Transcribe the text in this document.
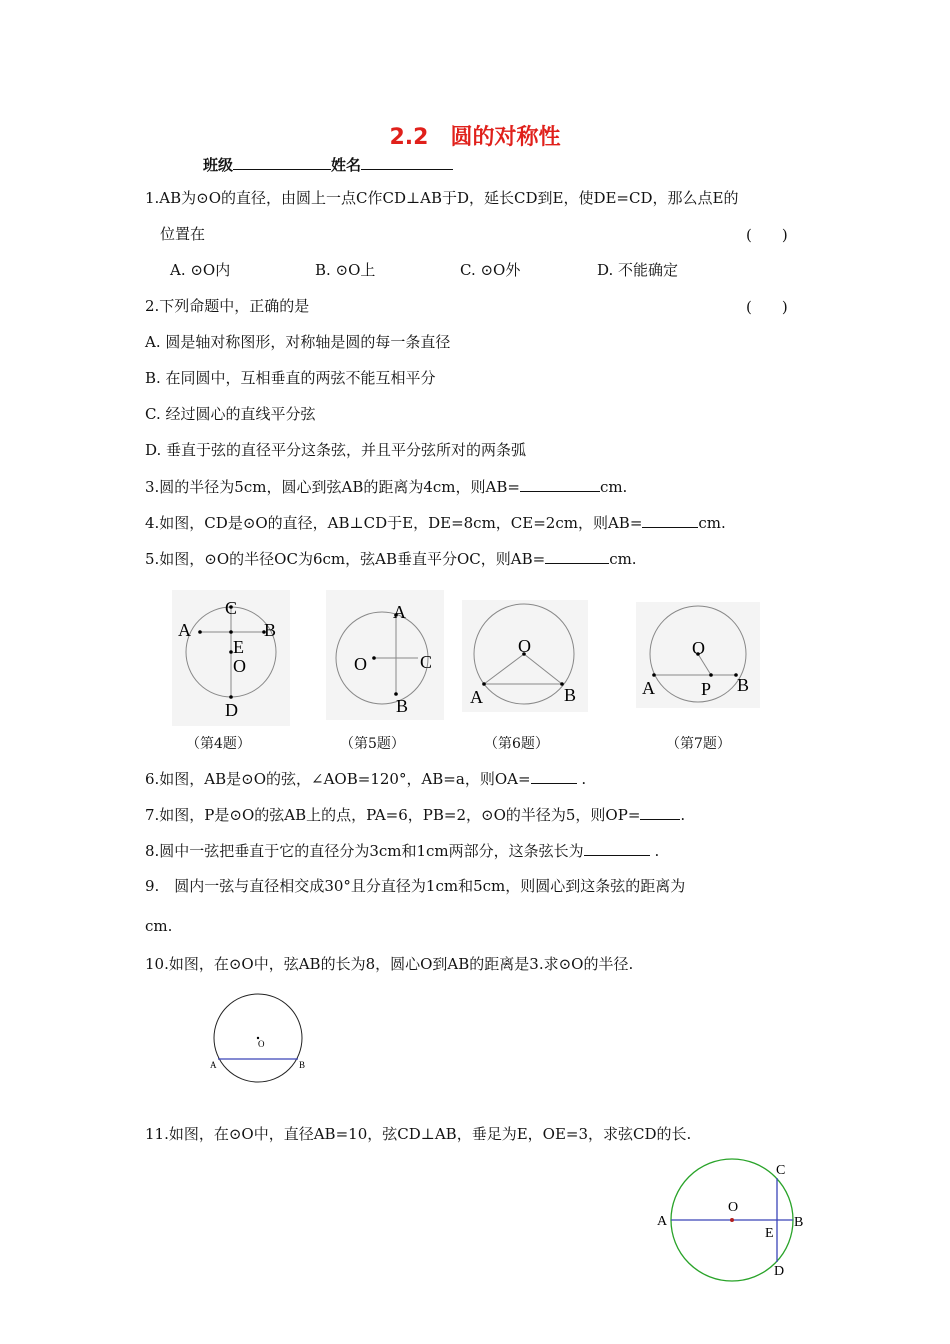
2.2　圆的对称性
班级	姓名
1.AB为⊙O的直径，由圆上一点C作CD⊥AB于D，延长CD到E，使DE=CD，那么点E的
位置在	(　　)
A. ⊙O内	B. ⊙O上	C. ⊙O外	D. 不能确定
2.下列命题中，正确的是	(　　)
A. 圆是轴对称图形，对称轴是圆的每一条直径
B. 在同圆中，互相垂直的两弦不能互相平分
C. 经过圆心的直线平分弦
D. 垂直于弦的直径平分这条弦，并且平分弦所对的两条弧
3.圆的半径为5cm，圆心到弦AB的距离为4cm，则AB=	cm.
4.如图，CD是⊙O的直径，AB⊥CD于E，DE=8cm，CE=2cm，则AB=	cm.
5.如图，⊙O的半径OC为6cm，弦AB垂直平分OC，则AB=	cm.
C
A	B
E
O
D
（第4题）
A
O	C
B
（第5题）
O
A	B
（第6题）
O
A	P B
（第7题）
6.如图，AB是⊙O的弦，∠AOB=120°，AB=a，则OA=	.
7.如图，P是⊙O的弦AB上的点，PA=6，PB=2，⊙O的半径为5，则OP=	.
8.圆中一弦把垂直于它的直径分为3cm和1cm两部分，这条弦长为	.
9.　圆内一弦与直径相交成30°且分直径为1cm和5cm，则圆心到这条弦的距离为
cm.
10.如图，在⊙O中，弦AB的长为8，圆心O到AB的距离是3.求⊙O的半径.
O
A	B
11.如图，在⊙O中，直径AB=10，弦CD⊥AB，垂足为E，OE=3，求弦CD的长.
C
O
A
E
B
D
